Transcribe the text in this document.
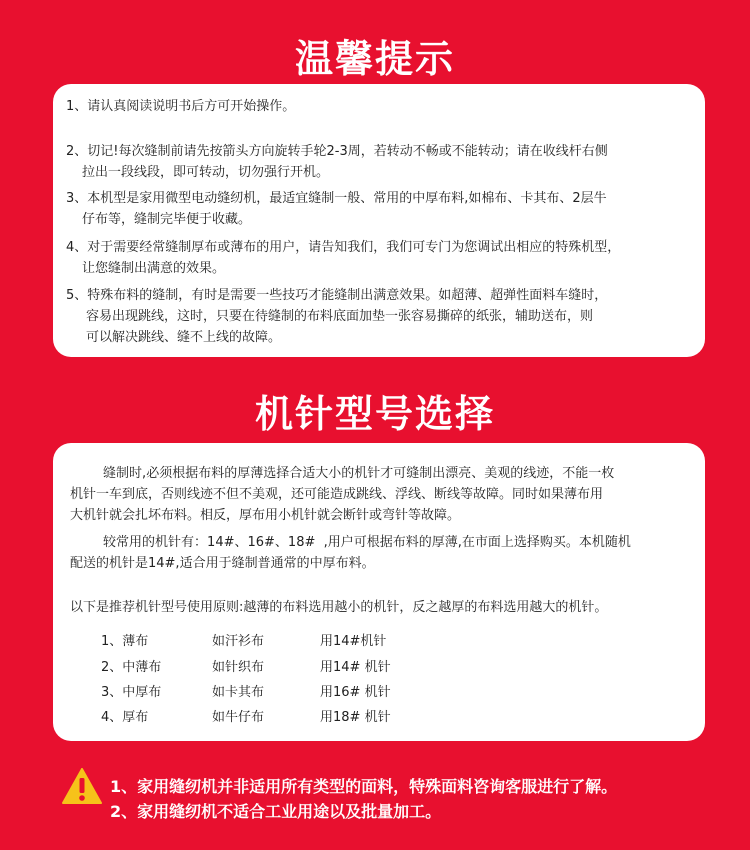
温馨提示

1、请认真阅读说明书后方可开始操作。

2、切记!每次缝制前请先按箭头方向旋转手轮2-3周，若转动不畅或不能转动；请在收线杆右侧
拉出一段线段，即可转动，切勿强行开机。

3、本机型是家用微型电动缝纫机，最适宜缝制一般、常用的中厚布料,如棉布、卡其布、2层牛
仔布等，缝制完毕便于收藏。

4、对于需要经常缝制厚布或薄布的用户，请告知我们，我们可专门为您调试出相应的特殊机型，
让您缝制出满意的效果。

5、特殊布料的缝制，有时是需要一些技巧才能缝制出满意效果。如超薄、超弹性面料车缝时，
容易出现跳线，这时，只要在待缝制的布料底面加垫一张容易撕碎的纸张，辅助送布，则
可以解决跳线、缝不上线的故障。

机针型号选择

缝制时,必须根据布料的厚薄选择合适大小的机针才可缝制出漂亮、美观的线迹，不能一枚
机针一车到底，否则线迹不但不美观，还可能造成跳线、浮线、断线等故障。同时如果薄布用
大机针就会扎坏布料。相反，厚布用小机针就会断针或弯针等故障。

较常用的机针有：14#、16#、18#  ,用户可根据布料的厚薄,在市面上选择购买。本机随机
配送的机针是14#,适合用于缝制普通常的中厚布料。

以下是推荐机针型号使用原则:越薄的布料选用越小的机针，反之越厚的布料选用越大的机针。

1、薄布	如汗衫布	用14#机针
2、中薄布	如针织布	用14# 机针
3、中厚布	如卡其布	用16# 机针
4、厚布	如牛仔布	用18# 机针
1、家用缝纫机并非适用所有类型的面料，特殊面料咨询客服进行了解。
2、家用缝纫机不适合工业用途以及批量加工。
